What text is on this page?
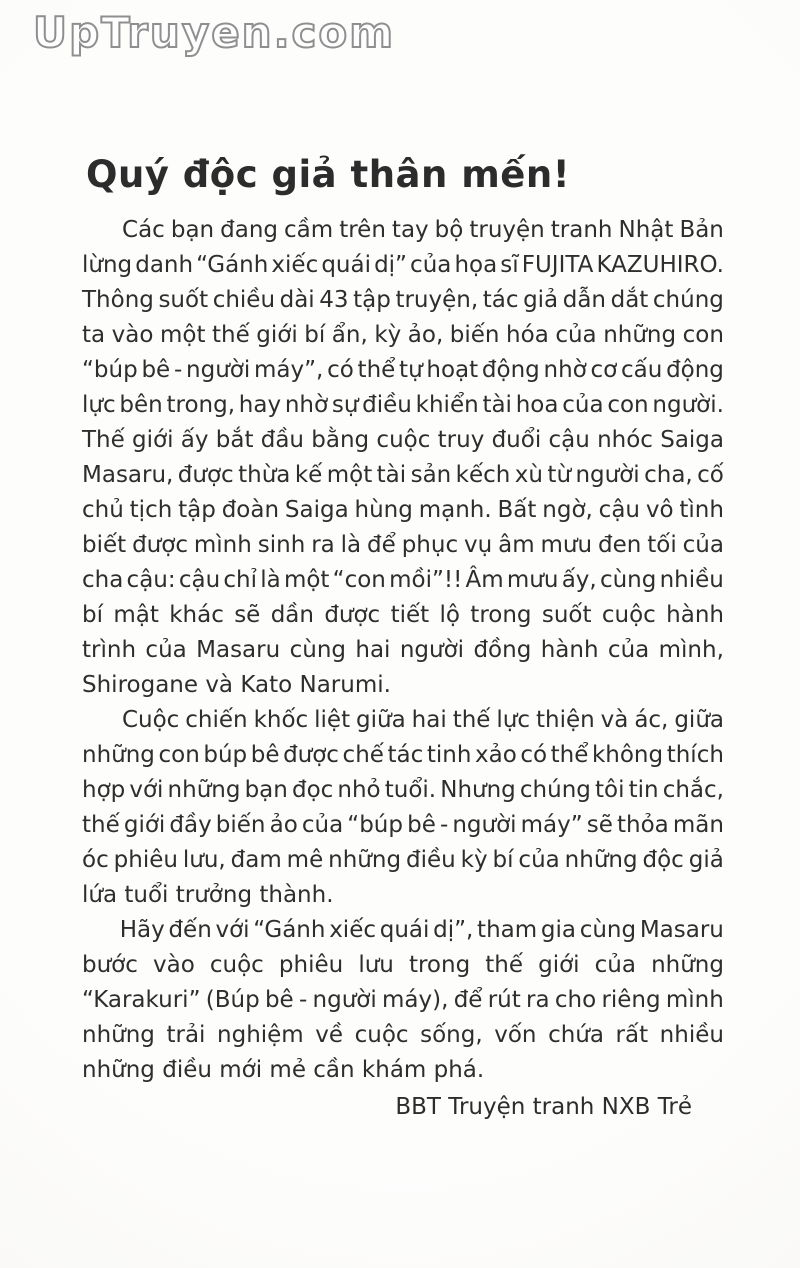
UpTruyen.com
Quý độc giả thân mến!
Các bạn đang cầm trên tay bộ truyện tranh Nhật Bản
lừng danh “Gánh xiếc quái dị” của họa sĩ FUJITA KAZUHIRO.
Thông suốt chiều dài 43 tập truyện, tác giả dẫn dắt chúng
ta vào một thế giới bí ẩn, kỳ ảo, biến hóa của những con
“búp bê - người máy”, có thể tự hoạt động nhờ cơ cấu động
lực bên trong, hay nhờ sự điều khiển tài hoa của con người.
Thế giới ấy bắt đầu bằng cuộc truy đuổi cậu nhóc Saiga
Masaru, được thừa kế một tài sản kếch xù từ người cha, cố
chủ tịch tập đoàn Saiga hùng mạnh. Bất ngờ, cậu vô tình
biết được mình sinh ra là để phục vụ âm mưu đen tối của
cha cậu: cậu chỉ là một “con mồi”!! Âm mưu ấy, cùng nhiều
bí mật khác sẽ dần được tiết lộ trong suốt cuộc hành
trình của Masaru cùng hai người đồng hành của mình,
Shirogane và Kato Narumi.
Cuộc chiến khốc liệt giữa hai thế lực thiện và ác, giữa
những con búp bê được chế tác tinh xảo có thể không thích
hợp với những bạn đọc nhỏ tuổi. Nhưng chúng tôi tin chắc,
thế giới đầy biến ảo của “búp bê - người máy” sẽ thỏa mãn
óc phiêu lưu, đam mê những điều kỳ bí của những độc giả
lứa tuổi trưởng thành.
Hãy đến với “Gánh xiếc quái dị”, tham gia cùng Masaru
bước vào cuộc phiêu lưu trong thế giới của những
“Karakuri” (Búp bê - người máy), để rút ra cho riêng mình
những trải nghiệm về cuộc sống, vốn chứa rất nhiều
những điều mới mẻ cần khám phá.
BBT Truyện tranh NXB Trẻ
